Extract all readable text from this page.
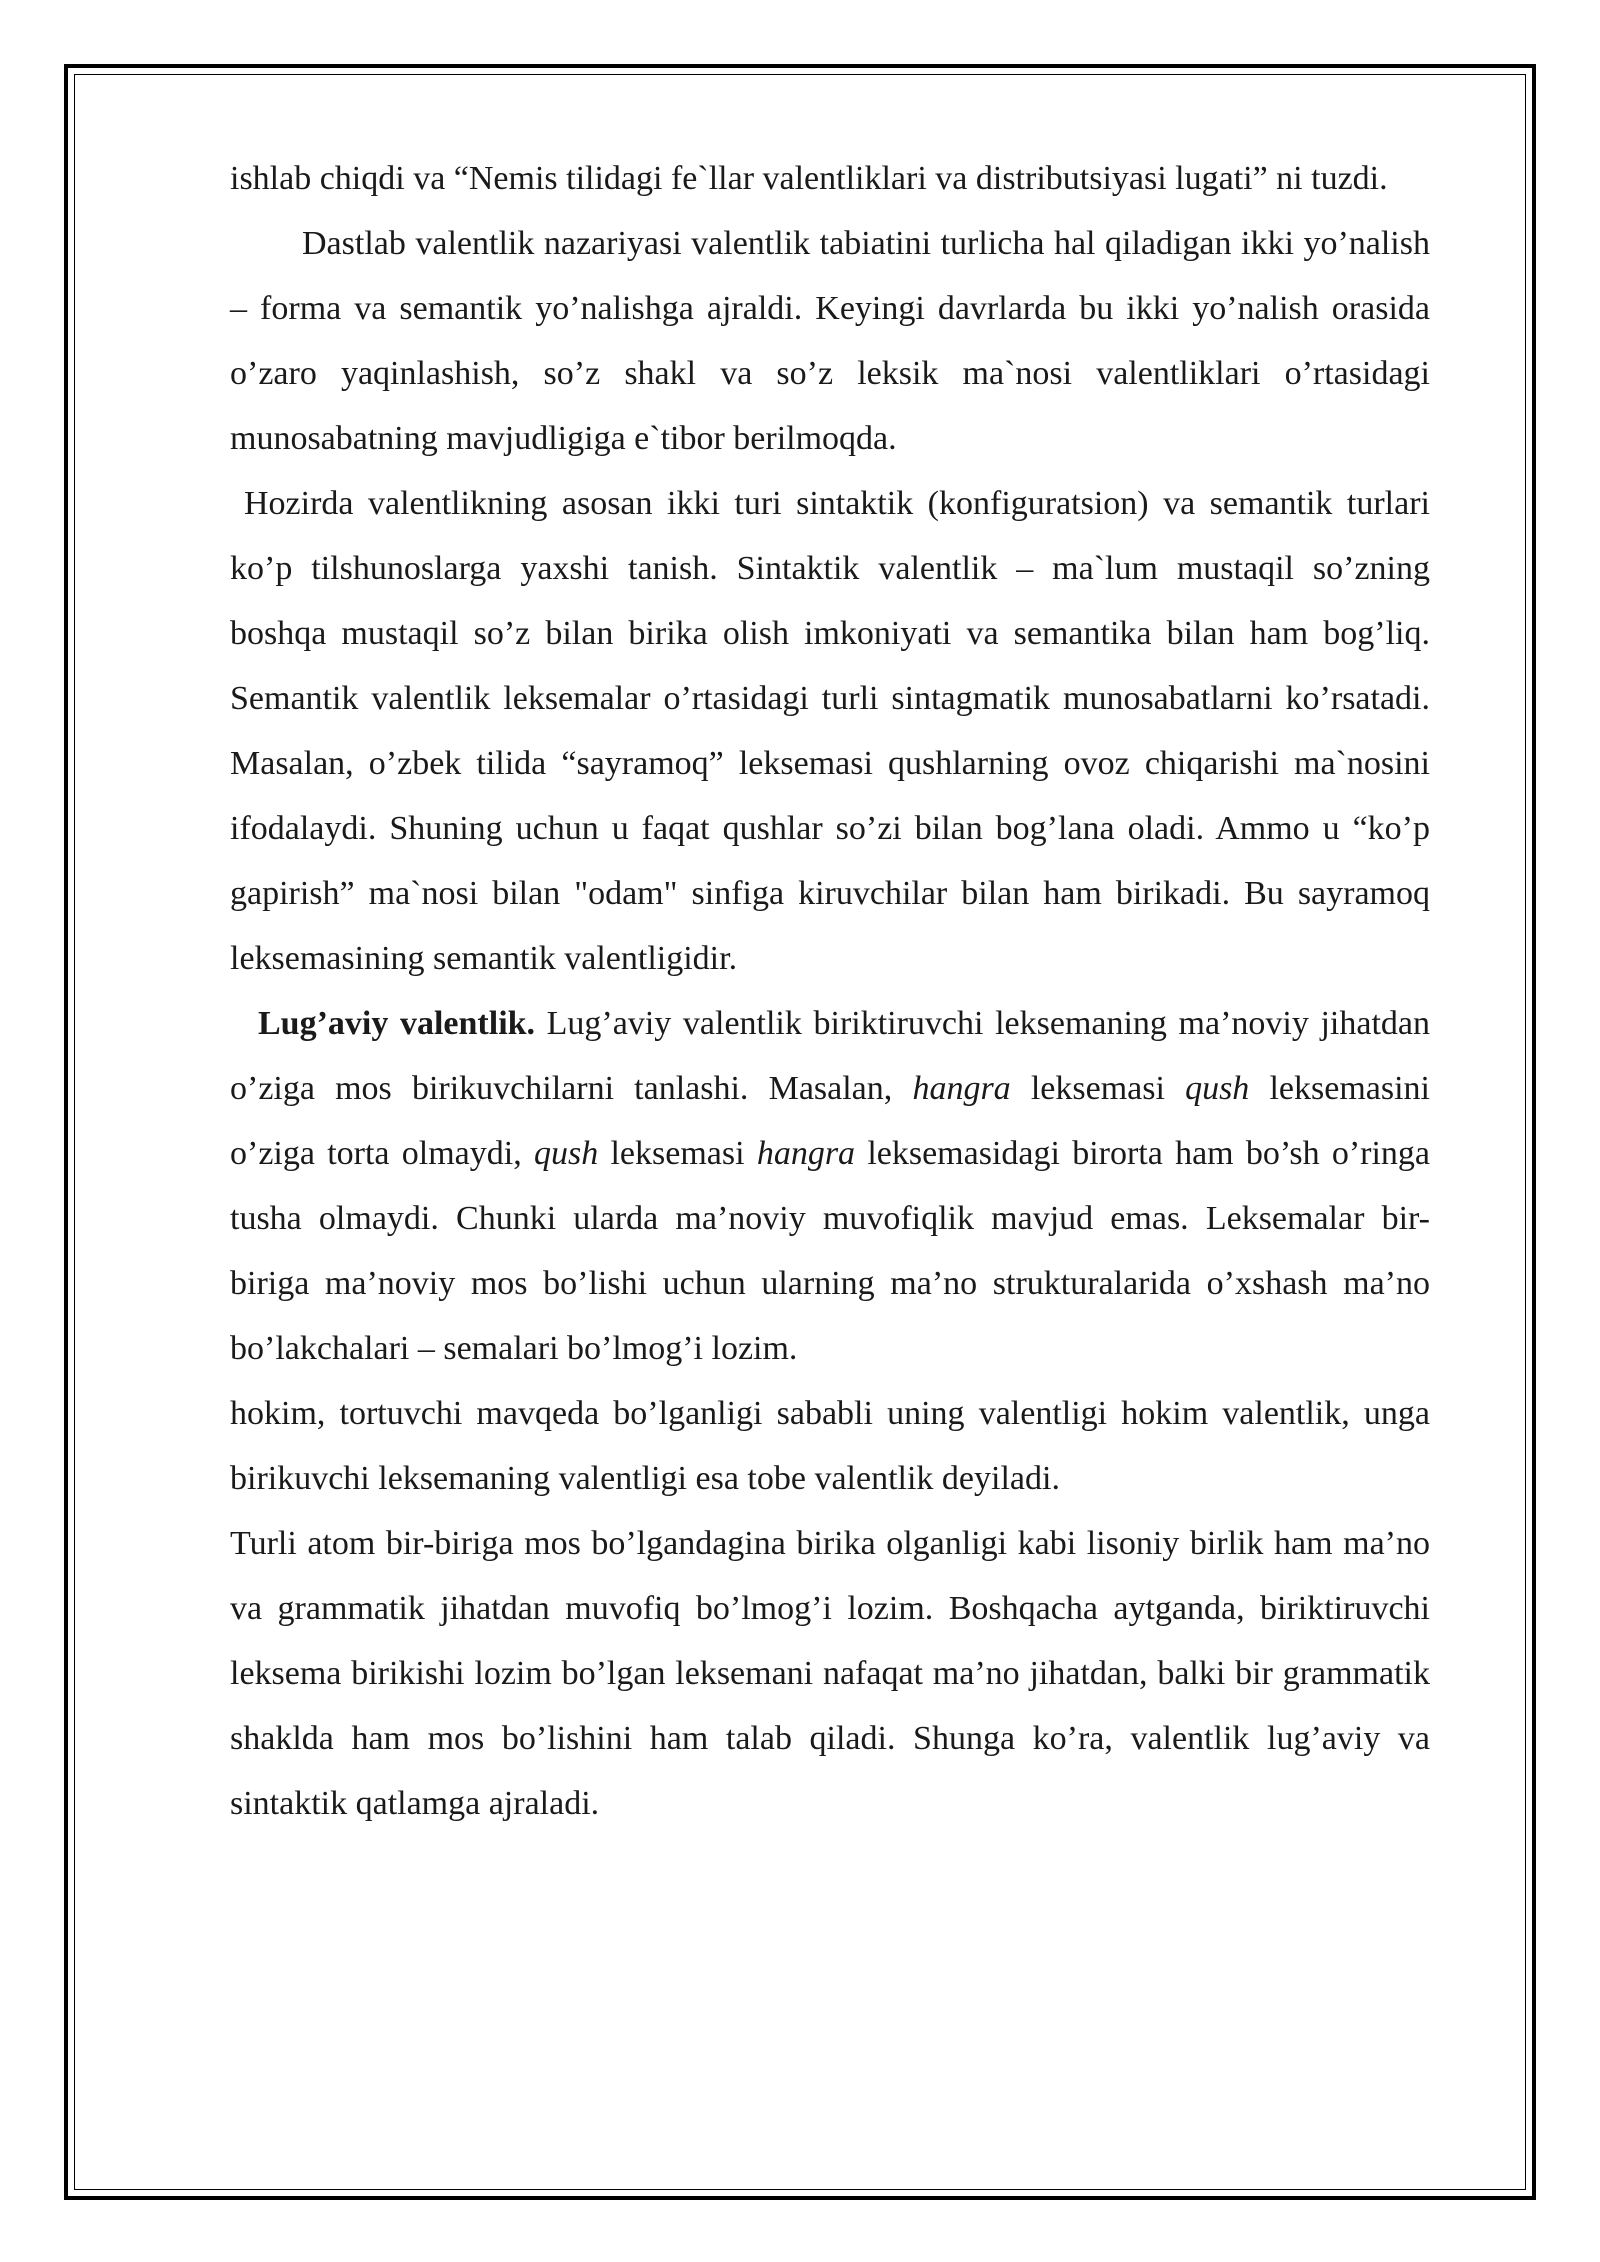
ishlab chiqdi va “Nemis tilidagi fe`llar valentliklari va distributsiyasi lugati” ni tuzdi.

Dastlab valentlik nazariyasi valentlik tabiatini turlicha hal qiladigan ikki yo’nalish – forma va semantik yo’nalishga ajraldi. Keyingi davrlarda bu ikki yo’nalish orasida o’zaro yaqinlashish, so’z shakl va so’z leksik ma`nosi valentliklari o’rtasidagi munosabatning mavjudligiga e`tibor berilmoqda.

Hozirda valentlikning asosan ikki turi sintaktik (konfiguratsion) va semantik turlari ko’p tilshunoslarga yaxshi tanish. Sintaktik valentlik – ma`lum mustaqil so’zning boshqa mustaqil so’z bilan birika olish imkoniyati va semantika bilan ham bog’liq. Semantik valentlik leksemalar o’rtasidagi turli sintagmatik munosabatlarni ko’rsatadi. Masalan, o’zbek tilida “sayramoq” leksemasi qushlarning ovoz chiqarishi ma`nosini ifodalaydi. Shuning uchun u faqat qushlar so’zi bilan bog’lana oladi. Ammo u “ko’p gapirish” ma`nosi bilan "odam" sinfiga kiruvchilar bilan ham birikadi. Bu sayramoq leksemasining semantik valentligidir.

Lug’aviy valentlik. Lug’aviy valentlik biriktiruvchi leksemaning ma’noviy jihatdan o’ziga mos birikuvchilarni tanlashi. Masalan, hangra leksemasi qush leksemasini o’ziga torta olmaydi, qush leksemasi hangra leksemasidagi birorta ham bo’sh o’ringa tusha olmaydi. Chunki ularda ma’noviy muvofiqlik mavjud emas. Leksemalar bir-biriga ma’noviy mos bo’lishi uchun ularning ma’no strukturalarida o’xshash ma’no bo’lakchalari – semalari bo’lmog’i lozim.

hokim, tortuvchi mavqeda bo’lganligi sababli uning valentligi hokim valentlik, unga birikuvchi leksemaning valentligi esa tobe valentlik deyiladi.

Turli atom bir-biriga mos bo’lgandagina birika olganligi kabi lisoniy birlik ham ma’no va grammatik jihatdan muvofiq bo’lmog’i lozim. Boshqacha aytganda, biriktiruvchi leksema birikishi lozim bo’lgan leksemani nafaqat ma’no jihatdan, balki bir grammatik shaklda ham mos bo’lishini ham talab qiladi. Shunga ko’ra, valentlik lug’aviy va sintaktik qatlamga ajraladi.
